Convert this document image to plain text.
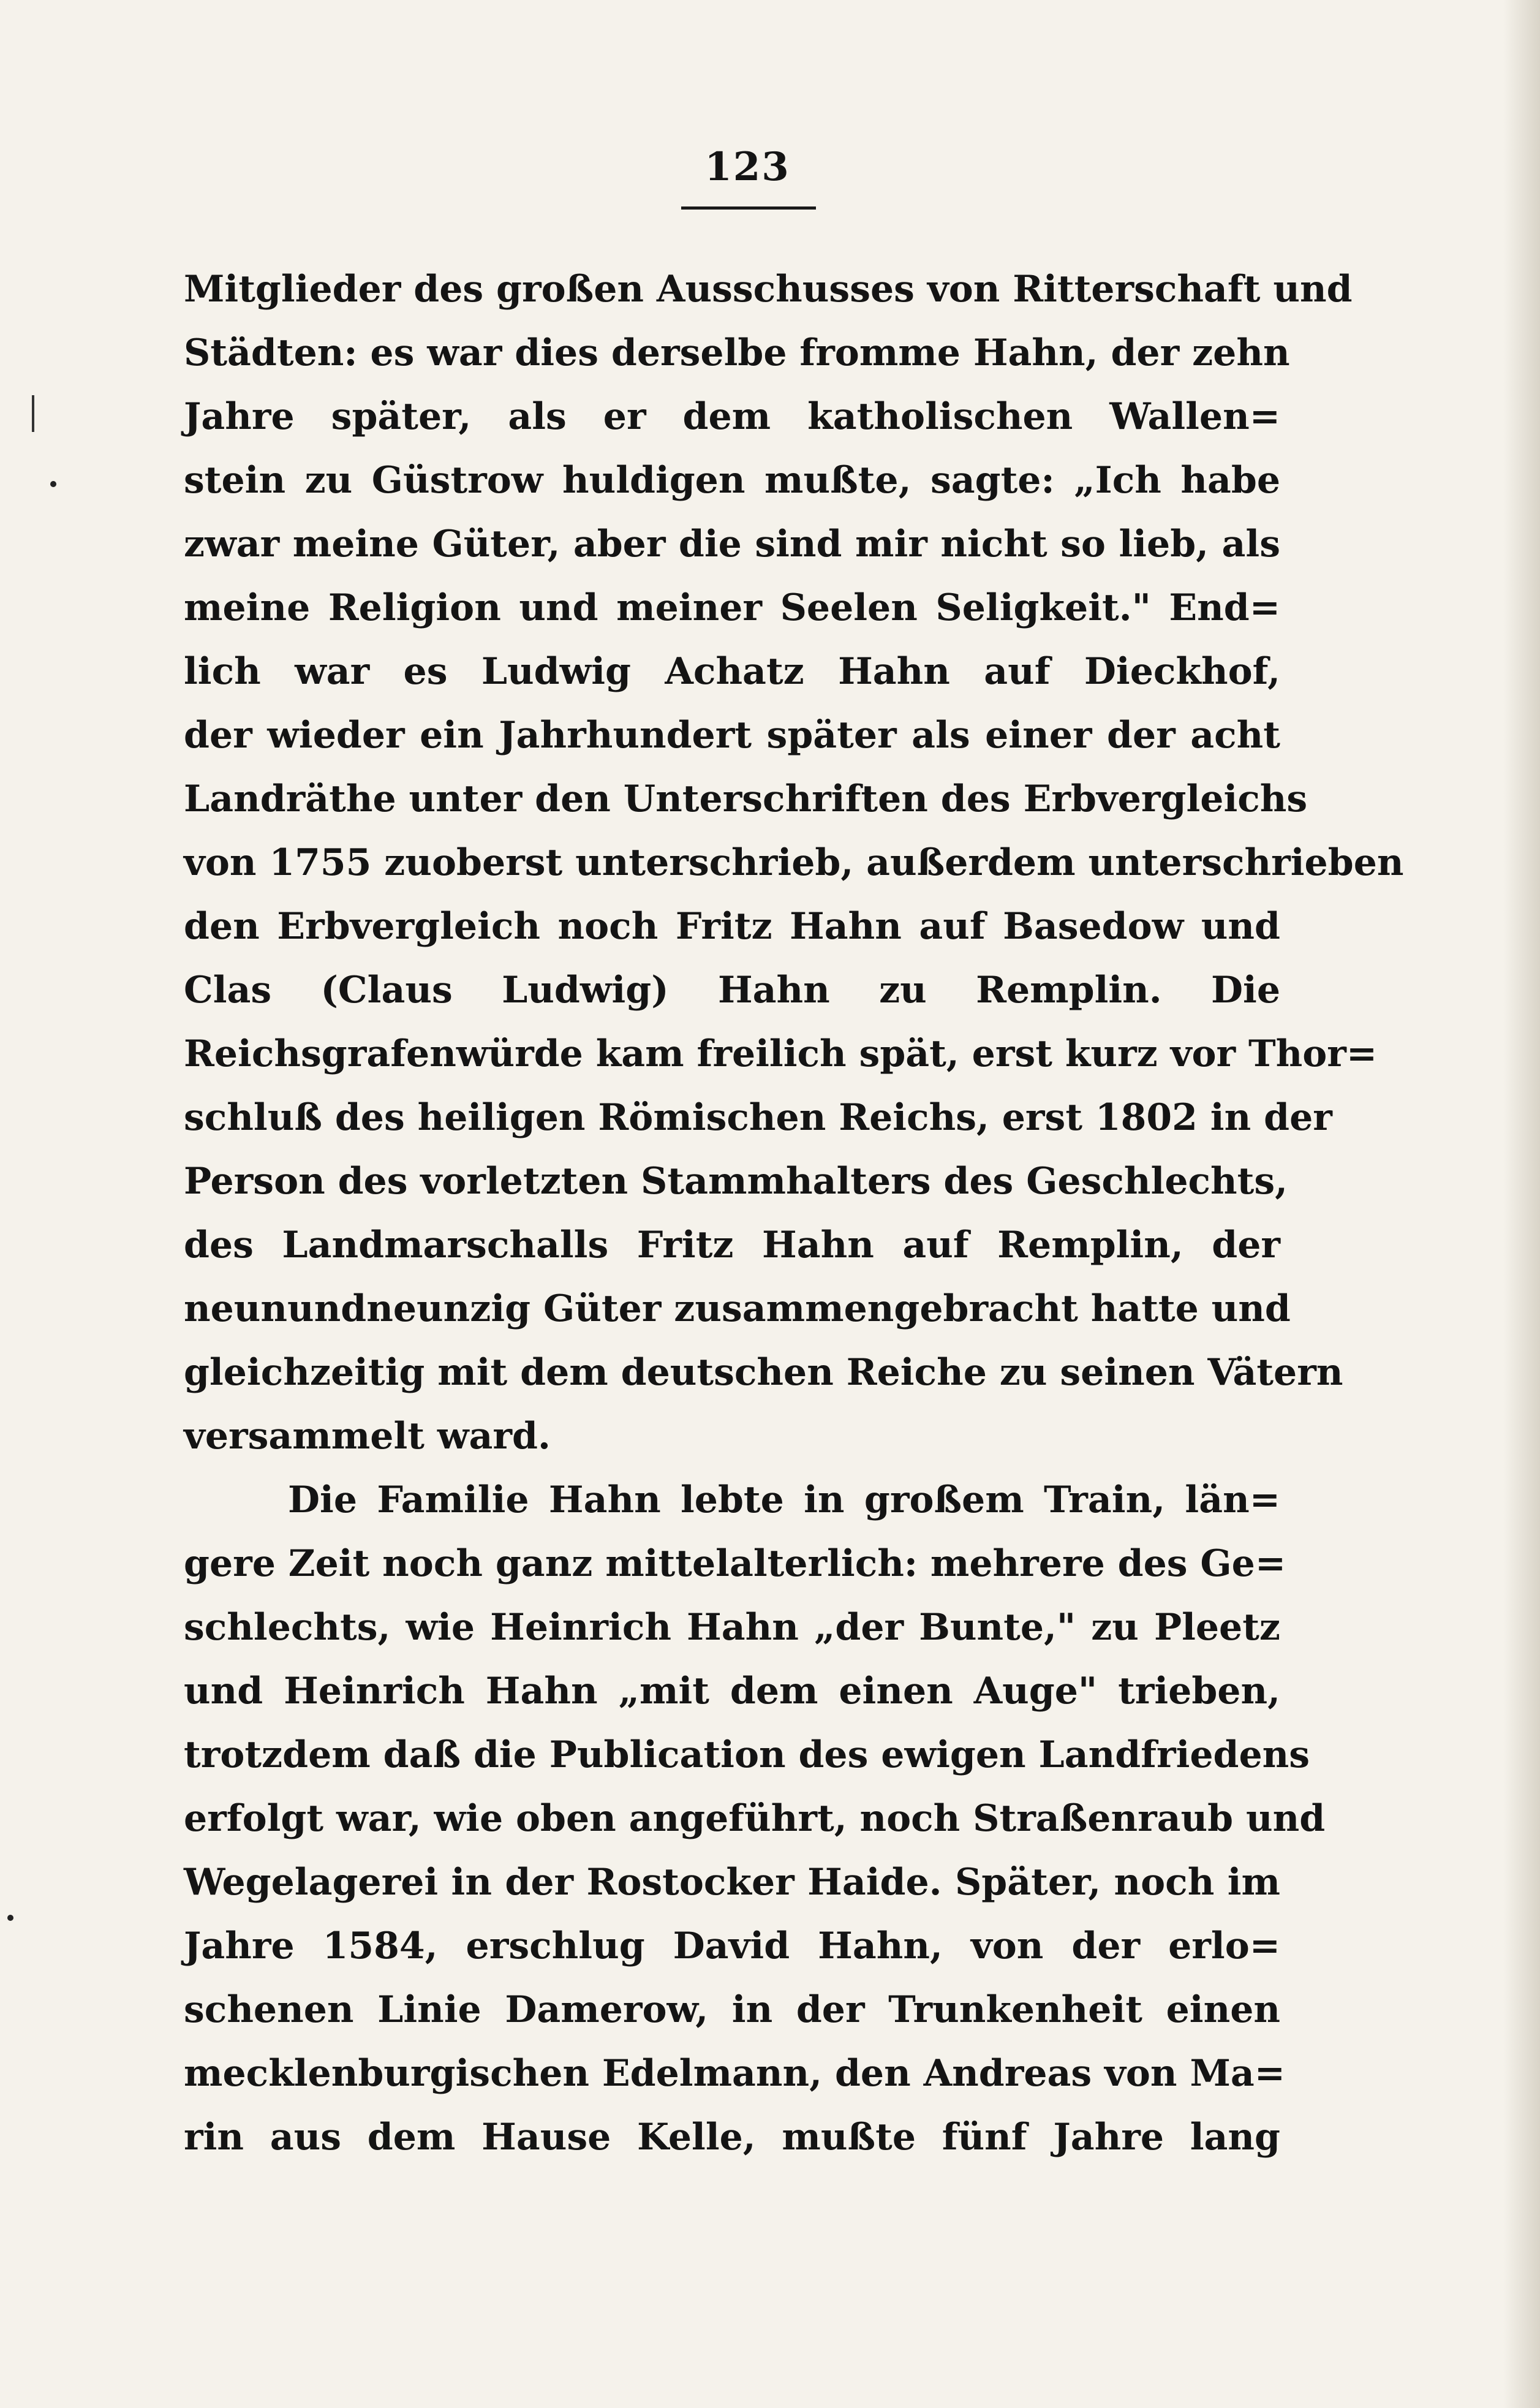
123
Mitglieder des großen Ausschusses von Ritterschaft und
Städten: es war dies derselbe fromme Hahn, der zehn
Jahre später, als er dem katholischen Wallen=
stein zu Güstrow huldigen mußte, sagte: „Ich habe
zwar meine Güter, aber die sind mir nicht so lieb, als
meine Religion und meiner Seelen Seligkeit." End=
lich war es Ludwig Achatz Hahn auf Dieckhof,
der wieder ein Jahrhundert später als einer der acht
Landräthe unter den Unterschriften des Erbvergleichs
von 1755 zuoberst unterschrieb, außerdem unterschrieben
den Erbvergleich noch Fritz Hahn auf Basedow und
Clas (Claus Ludwig) Hahn zu Remplin. Die
Reichsgrafenwürde kam freilich spät, erst kurz vor Thor=
schluß des heiligen Römischen Reichs, erst 1802 in der
Person des vorletzten Stammhalters des Geschlechts,
des Landmarschalls Fritz Hahn auf Remplin, der
neunundneunzig Güter zusammengebracht hatte und
gleichzeitig mit dem deutschen Reiche zu seinen Vätern
versammelt ward.
Die Familie Hahn lebte in großem Train, län=
gere Zeit noch ganz mittelalterlich: mehrere des Ge=
schlechts, wie Heinrich Hahn „der Bunte," zu Pleetz
und Heinrich Hahn „mit dem einen Auge" trieben,
trotzdem daß die Publication des ewigen Landfriedens
erfolgt war, wie oben angeführt, noch Straßenraub und
Wegelagerei in der Rostocker Haide. Später, noch im
Jahre 1584, erschlug David Hahn, von der erlo=
schenen Linie Damerow, in der Trunkenheit einen
mecklenburgischen Edelmann, den Andreas von Ma=
rin aus dem Hause Kelle, mußte fünf Jahre lang
